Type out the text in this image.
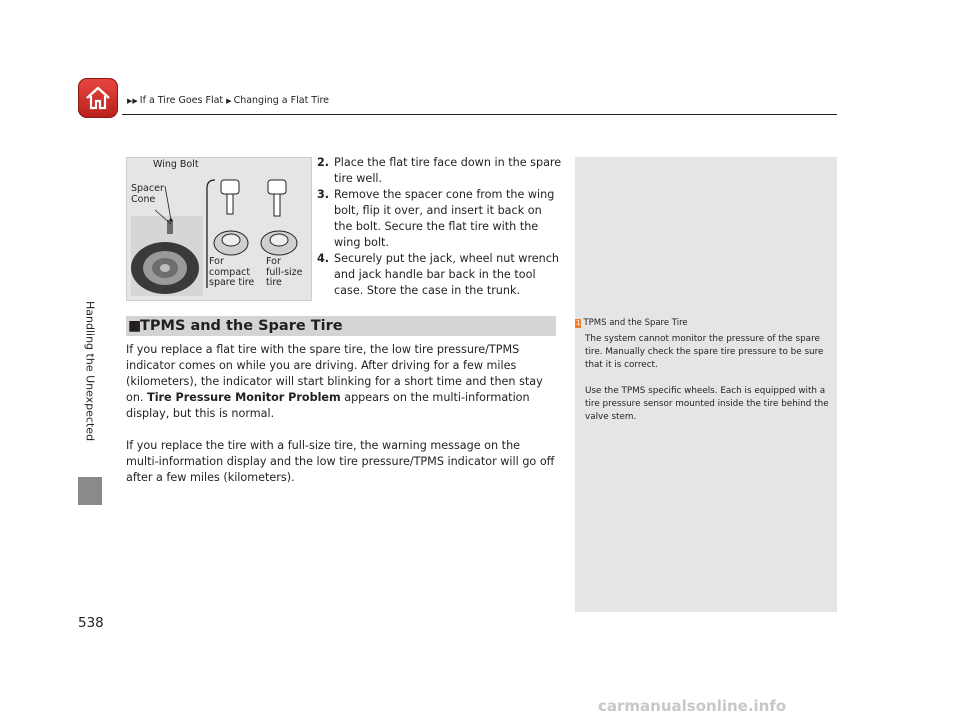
▶▶ If a Tire Goes Flat ▶ Changing a Flat Tire
Handling the Unexpected
Wing Bolt
Spacer
Cone
For
compact
spare tire
For
full-size
tire

2. Place the flat tire face down in the spare tire well.

3. Remove the spacer cone from the wing bolt, flip it over, and insert it back on the bolt. Secure the flat tire with the wing bolt.

4. Securely put the jack, wheel nut wrench and jack handle bar back in the tool case. Store the case in the trunk.

■
TPMS and the Spare Tire

If you replace a flat tire with the spare tire, the low tire pressure/TPMS indicator comes on while you are driving. After driving for a few miles (kilometers), the indicator will start blinking for a short time and then stay on. Tire Pressure Monitor Problem appears on the multi-information display, but this is normal.

If you replace the tire with a full-size tire, the warning message on the multi-information display and the low tire pressure/TPMS indicator will go off after a few miles (kilometers).

1 TPMS and the Spare Tire

The system cannot monitor the pressure of the spare tire. Manually check the spare tire pressure to be sure that it is correct.

Use the TPMS specific wheels. Each is equipped with a tire pressure sensor mounted inside the tire behind the valve stem.

538
carmanualsonline.info
